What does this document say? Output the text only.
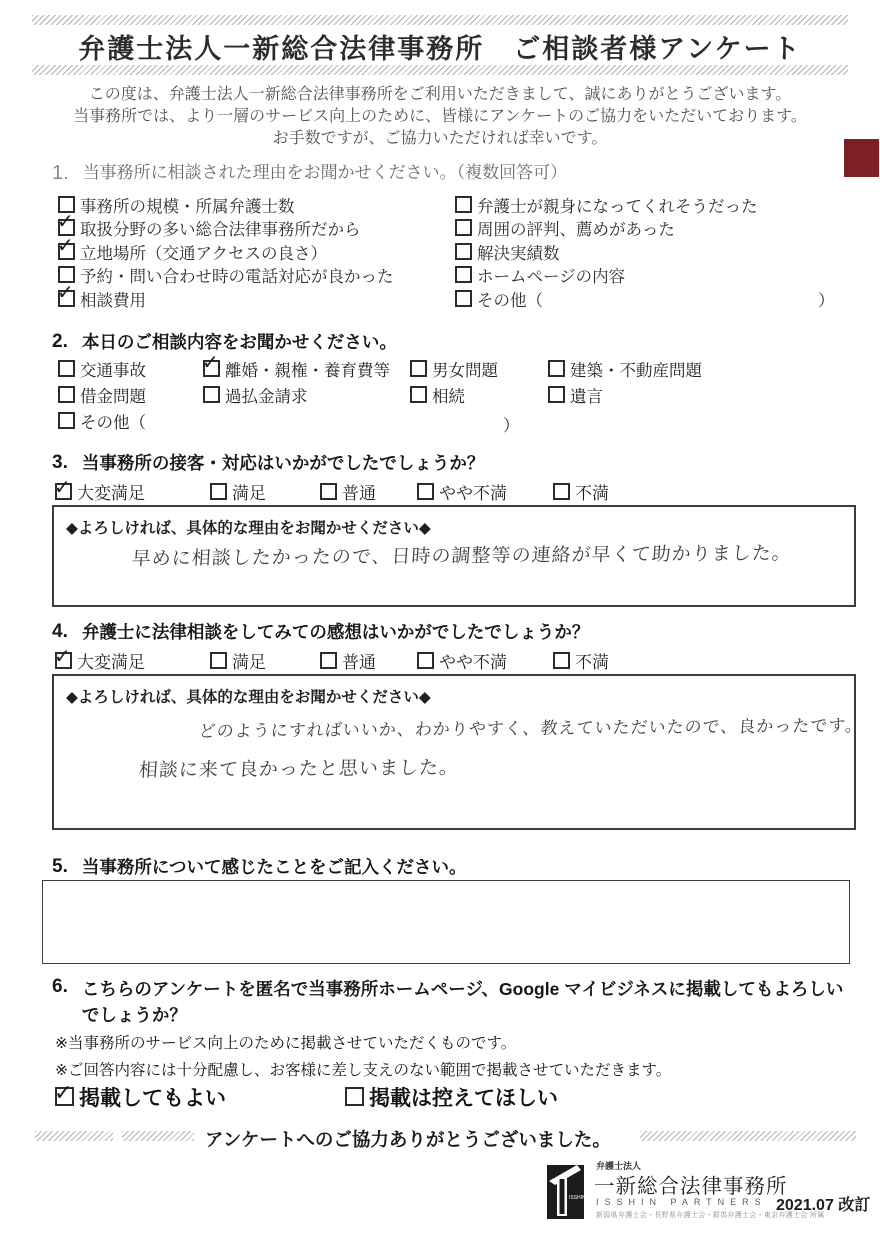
弁護士法人一新総合法律事務所　ご相談者様アンケート
この度は、弁護士法人一新総合法律事務所をご利用いただきまして、誠にありがとうございます。
当事務所では、より一層のサービス向上のために、皆様にアンケートのご協力をいただいております。
お手数ですが、ご協力いただければ幸いです。
1. 当事務所に相談された理由をお聞かせください。（複数回答可）
事務所の規模・所属弁護士数
✓取扱分野の多い総合法律事務所だから
✓立地場所（交通アクセスの良さ）
予約・問い合わせ時の電話対応が良かった
✓相談費用
弁護士が親身になってくれそうだった
周囲の評判、薦めがあった
解決実績数
ホームページの内容
その他（	）
2. 本日のご相談内容をお聞かせください。
交通事故 ✓	離婚・親権・養育費等	男女問題	建築・不動産問題
借金問題	過払金請求	相続	遺言
その他（	）
3. 当事務所の接客・対応はいかがでしたでしょうか？
✓大変満足	満足	普通	やや不満	不満
◆よろしければ、具体的な理由をお聞かせください◆
早めに相談したかったので、日時の調整等の連絡が早くて助かりました。
4. 弁護士に法律相談をしてみての感想はいかがでしたでしょうか？
✓大変満足	満足	普通	やや不満	不満
◆よろしければ、具体的な理由をお聞かせください◆
どのようにすればいいか、わかりやすく、教えていただいたので、良かったです。
相談に来て良かったと思いました。
5. 当事務所について感じたことをご記入ください。
6. こちらのアンケートを匿名で当事務所ホームページ、Google マイビジネスに掲載してもよろしいでしょうか？
※当事務所のサービス向上のために掲載させていただくものです。
※ご回答内容には十分配慮し、お客様に差し支えのない範囲で掲載させていただきます。
✓掲載してもよい	掲載は控えてほしい
アンケートへのご協力ありがとうございました。
ISSHIN
弁護士法人
一新総合法律事務所
ISSHIN PARTNERS
新潟県弁護士会・長野県弁護士会・群馬弁護士会・東京弁護士会 所属
2021.07 改訂
